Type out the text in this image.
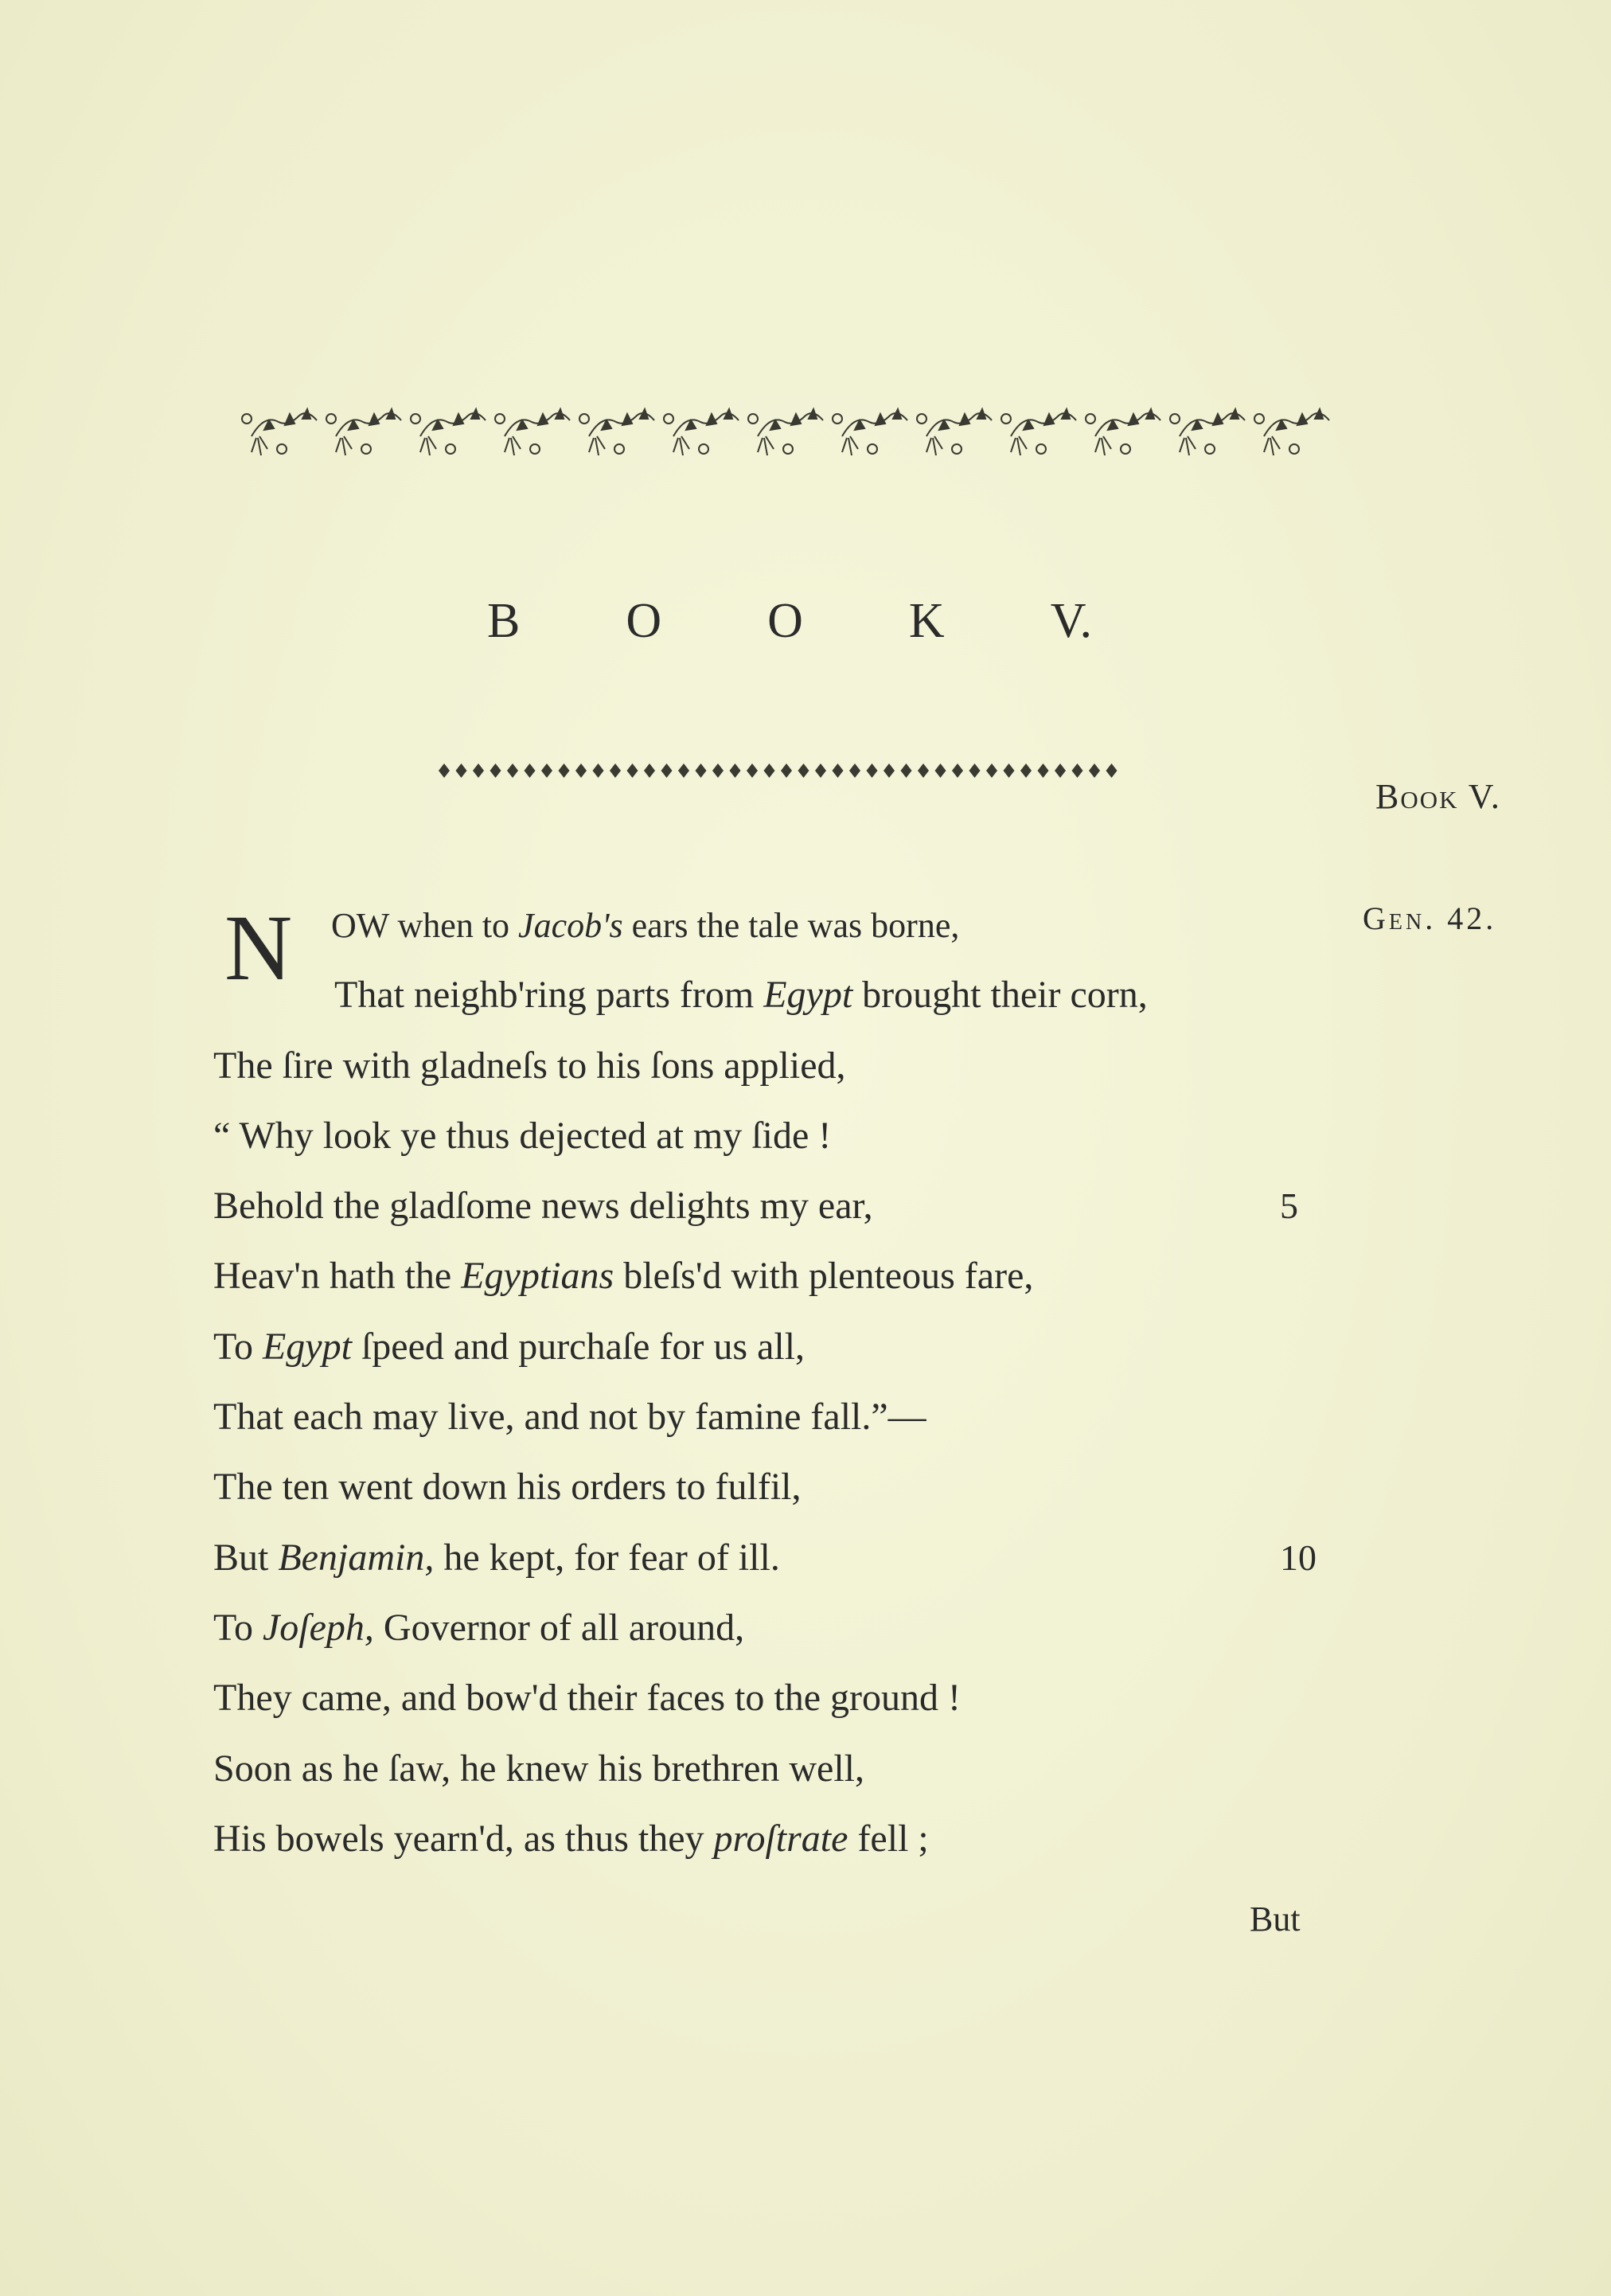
B O O K V.
Book V.
Gen. 42.
N	OW when to Jacob's ears the tale was borne,
That neighb'ring parts from Egypt brought their corn,
The ſire with gladneſs to his ſons applied,
“ Why look ye thus dejected at my ſide !
Behold the gladſome news delights my ear,	5
Heav'n hath the Egyptians bleſs'd with plenteous fare,
To Egypt ſpeed and purchaſe for us all,
That each may live, and not by famine fall.”—
The ten went down his orders to fulfil,
But Benjamin, he kept, for fear of ill.	10
To Joſeph, Governor of all around,
They came, and bow'd their faces to the ground !
Soon as he ſaw, he knew his brethren well,
His bowels yearn'd, as thus they proſtrate fell ;
But
